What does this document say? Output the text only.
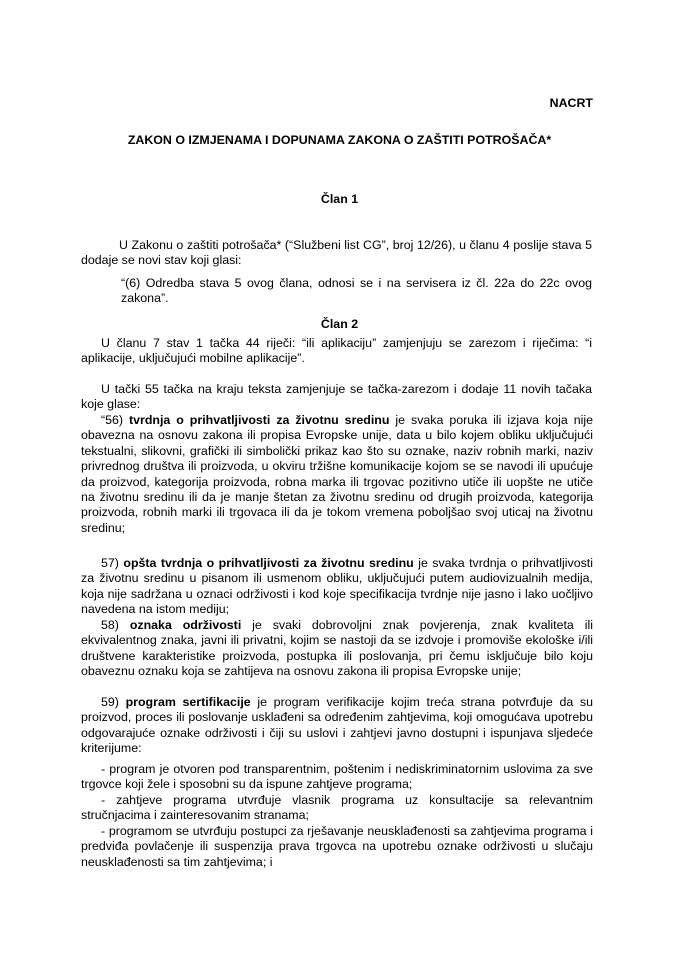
NACRT

ZAKON O IZMJENAMA I DOPUNAMA ZAKONA O ZAŠTITI POTROŠAČA*

Član 1

U Zakonu o zaštiti potrošača* (“Službeni list CG”, broj 12/26), u članu 4 poslije stava 5 dodaje se novi stav koji glasi:

“(6) Odredba stava 5 ovog člana, odnosi se i na servisera iz čl. 22a do 22c ovog zakona”.

Član 2

U članu 7 stav 1 tačka 44 riječi: “ili aplikaciju” zamjenjuju se zarezom i riječima: “i aplikacije, uključujući mobilne aplikacije”.

U tački 55 tačka na kraju teksta zamjenjuje se tačka-zarezom i dodaje 11 novih tačaka koje glase:

“56) tvrdnja o prihvatljivosti za životnu sredinu je svaka poruka ili izjava koja nije obavezna na osnovu zakona ili propisa Evropske unije, data u bilo kojem obliku uključujući tekstualni, slikovni, grafički ili simbolički prikaz kao što su oznake, naziv robnih marki, naziv privrednog društva ili proizvoda, u okviru tržišne komunikacije kojom se se navodi ili upućuje da proizvod, kategorija proizvoda, robna marka ili trgovac pozitivno utiče ili uopšte ne utiče na životnu sredinu ili da je manje štetan za životnu sredinu od drugih proizvoda, kategorija proizvoda, robnih marki ili trgovaca ili da je tokom vremena poboljšao svoj uticaj na životnu sredinu;

57) opšta tvrdnja o prihvatljivosti za životnu sredinu je svaka tvrdnja o prihvatljivosti za životnu sredinu u pisanom ili usmenom obliku, uključujući putem audiovizualnih medija, koja nije sadržana u oznaci održivosti i kod koje specifikacija tvrdnje nije jasno i lako uočljivo navedena na istom mediju;

58) oznaka održivosti je svaki dobrovoljni znak povjerenja, znak kvaliteta ili ekvivalentnog znaka, javni ili privatni, kojim se nastoji da se izdvoje i promoviše ekološke i/ili društvene karakteristike proizvoda, postupka ili poslovanja, pri čemu isključuje bilo koju obaveznu oznaku koja se zahtijeva na osnovu zakona ili propisa Evropske unije;

59) program sertifikacije je program verifikacije kojim treća strana potvrđuje da su proizvod, proces ili poslovanje usklađeni sa određenim zahtjevima, koji omogućava upotrebu odgovarajuće oznake održivosti i čiji su uslovi i zahtjevi javno dostupni i ispunjava sljedeće kriterijume:

- program je otvoren pod transparentnim, poštenim i nediskriminatornim uslovima za sve trgovce koji žele i sposobni su da ispune zahtjeve programa;

- zahtjeve programa utvrđuje vlasnik programa uz konsultacije sa relevantnim stručnjacima i zainteresovanim stranama;

- programom se utvrđuju postupci za rješavanje neusklađenosti sa zahtjevima programa i predviđa povlačenje ili suspenzija prava trgovca na upotrebu oznake održivosti u slučaju neusklađenosti sa tim zahtjevima; i
